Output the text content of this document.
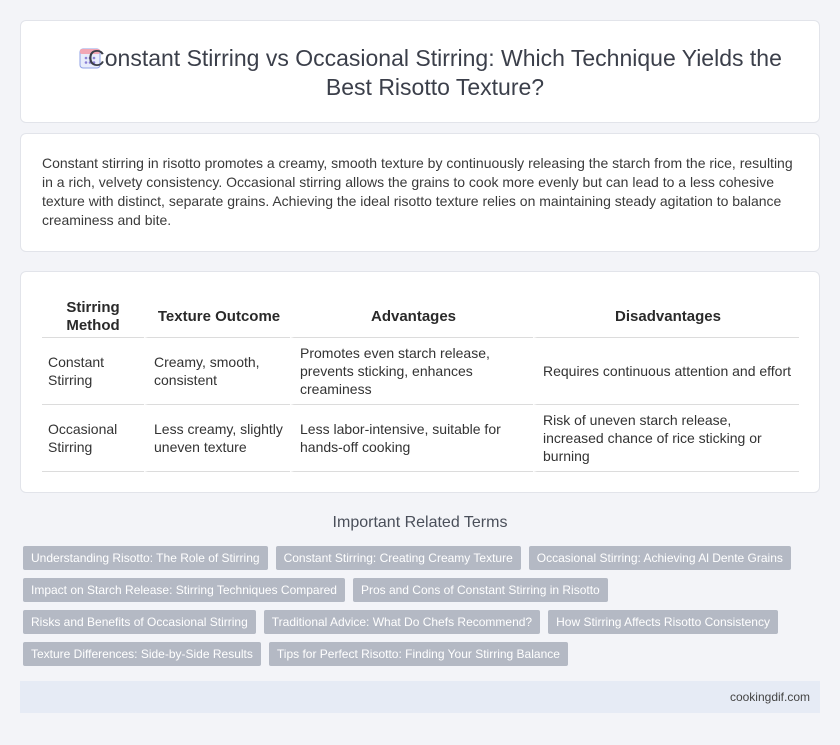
Constant Stirring vs Occasional Stirring: Which Technique Yields the Best Risotto Texture?

Constant stirring in risotto promotes a creamy, smooth texture by continuously releasing the starch from the rice, resulting in a rich, velvety consistency. Occasional stirring allows the grains to cook more evenly but can lead to a less cohesive texture with distinct, separate grains. Achieving the ideal risotto texture relies on maintaining steady agitation to balance creaminess and bite.

Stirring Method	Texture Outcome	Advantages	Disadvantages
Constant Stirring	Creamy, smooth, consistent	Promotes even starch release, prevents sticking, enhances creaminess	Requires continuous attention and effort
Occasional Stirring	Less creamy, slightly uneven texture	Less labor-intensive, suitable for hands-off cooking	Risk of uneven starch release, increased chance of rice sticking or burning
Important Related Terms
Understanding Risotto: The Role of Stirring	Constant Stirring: Creating Creamy Texture	Occasional Stirring: Achieving Al Dente Grains
Impact on Starch Release: Stirring Techniques Compared	Pros and Cons of Constant Stirring in Risotto
Risks and Benefits of Occasional Stirring	Traditional Advice: What Do Chefs Recommend?	How Stirring Affects Risotto Consistency
Texture Differences: Side-by-Side Results	Tips for Perfect Risotto: Finding Your Stirring Balance
cookingdif.com
